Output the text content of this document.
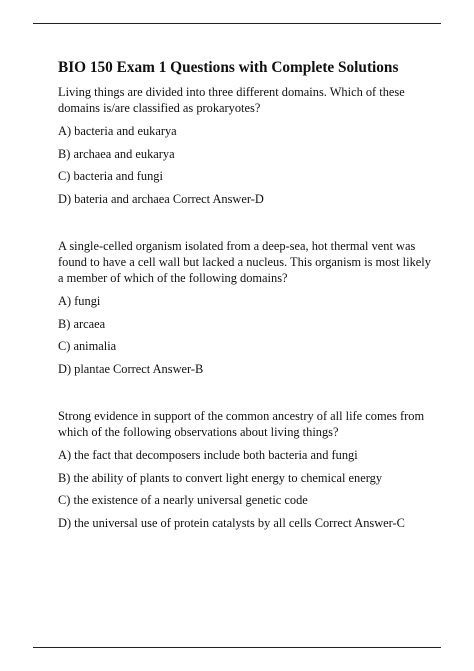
BIO 150 Exam 1 Questions with Complete Solutions

Living things are divided into three different domains. Which of these domains is/are classified as prokaryotes?

A) bacteria and eukarya
B) archaea and eukarya
C) bacteria and fungi
D) bateria and archaea Correct Answer-D

A single-celled organism isolated from a deep-sea, hot thermal vent was found to have a cell wall but lacked a nucleus. This organism is most likely a member of which of the following domains?

A) fungi
B) arcaea
C) animalia
D) plantae Correct Answer-B

Strong evidence in support of the common ancestry of all life comes from which of the following observations about living things?

A) the fact that decomposers include both bacteria and fungi
B) the ability of plants to convert light energy to chemical energy
C) the existence of a nearly universal genetic code
D) the universal use of protein catalysts by all cells Correct Answer-C
